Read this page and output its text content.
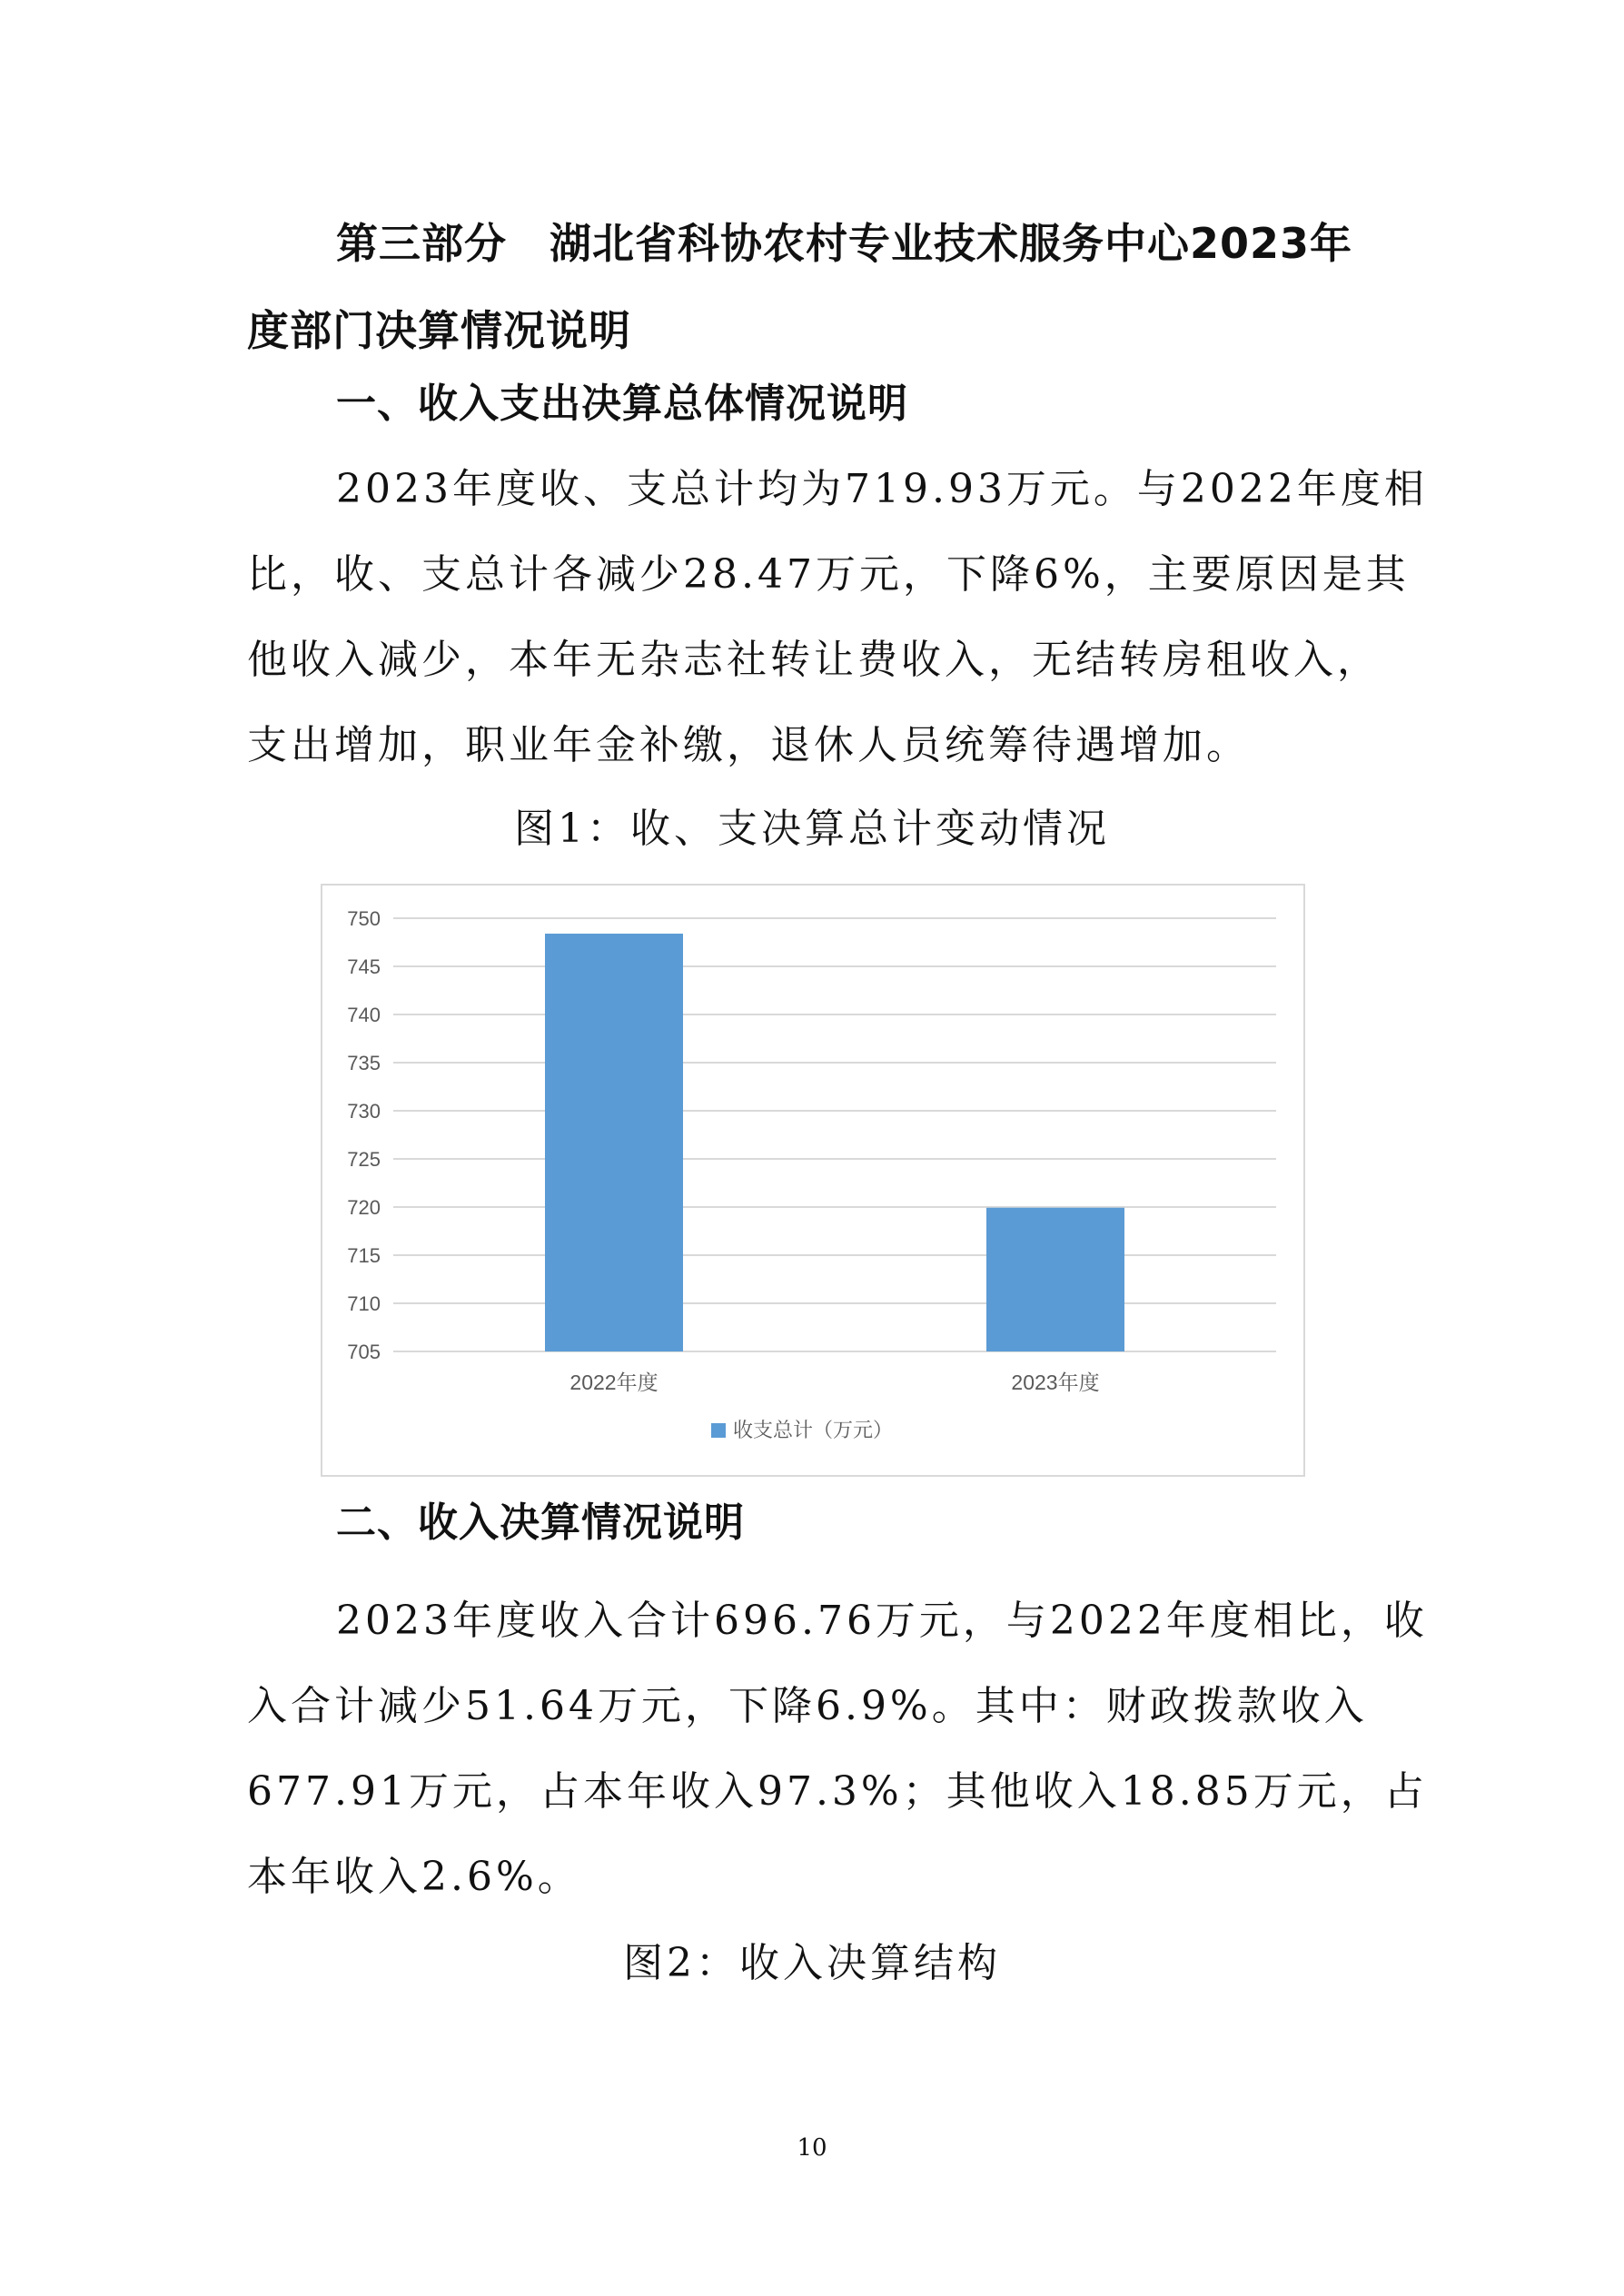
第三部分　湖北省科协农村专业技术服务中心2023年
度部门决算情况说明
一、收入支出决算总体情况说明
2023年度收、支总计均为719.93万元。与2022年度相
比，收、支总计各减少28.47万元，下降6%，主要原因是其
他收入减少，本年无杂志社转让费收入，无结转房租收入，
支出增加，职业年金补缴，退休人员统筹待遇增加。
图1：收、支决算总计变动情况
705
710
715
720
725
730
735
740
745
750
2022年度	2023年度
收支总计（万元）
二、收入决算情况说明
2023年度收入合计696.76万元，与2022年度相比，收
入合计减少51.64万元，下降6.9%。其中：财政拨款收入
677.91万元，占本年收入97.3%；其他收入18.85万元，占
本年收入2.6%。
图2：收入决算结构
10
